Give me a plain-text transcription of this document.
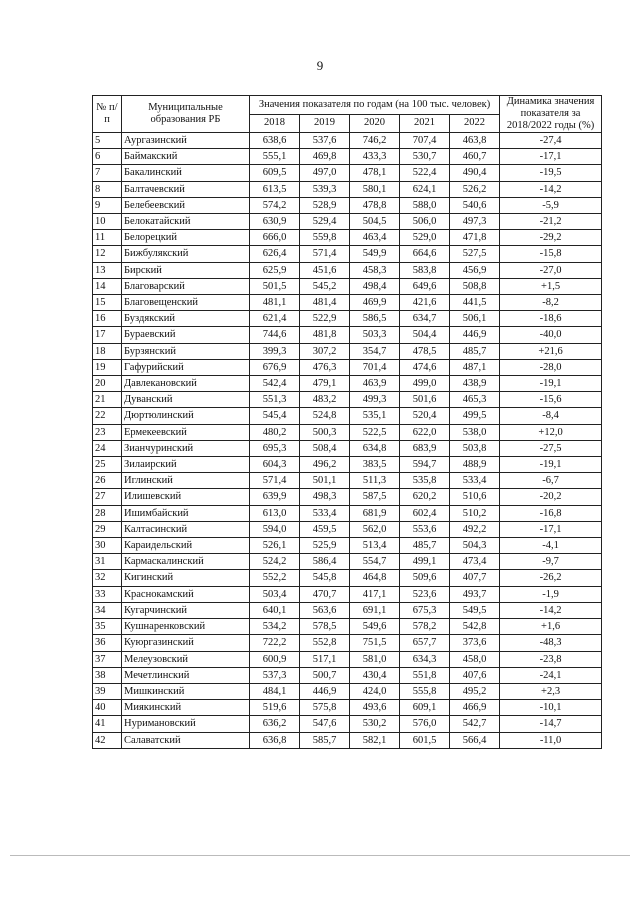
9
№ п/п	Муниципальные образования РБ	Значения показателя по годам (на 100 тыс. человек)					Динамика значения показателя за 2018/2022 годы (%)
		2018	2019	2020	2021	2022	
5	Аургазинский	638,6	537,6	746,2	707,4	463,8	-27,4
6	Баймакский	555,1	469,8	433,3	530,7	460,7	-17,1
7	Бакалинский	609,5	497,0	478,1	522,4	490,4	-19,5
8	Балтачевский	613,5	539,3	580,1	624,1	526,2	-14,2
9	Белебеевский	574,2	528,9	478,8	588,0	540,6	-5,9
10	Белокатайский	630,9	529,4	504,5	506,0	497,3	-21,2
11	Белорецкий	666,0	559,8	463,4	529,0	471,8	-29,2
12	Бижбулякский	626,4	571,4	549,9	664,6	527,5	-15,8
13	Бирский	625,9	451,6	458,3	583,8	456,9	-27,0
14	Благоварский	501,5	545,2	498,4	649,6	508,8	+1,5
15	Благовещенский	481,1	481,4	469,9	421,6	441,5	-8,2
16	Буздякский	621,4	522,9	586,5	634,7	506,1	-18,6
17	Бураевский	744,6	481,8	503,3	504,4	446,9	-40,0
18	Бурзянский	399,3	307,2	354,7	478,5	485,7	+21,6
19	Гафурийский	676,9	476,3	701,4	474,6	487,1	-28,0
20	Давлекановский	542,4	479,1	463,9	499,0	438,9	-19,1
21	Дуванский	551,3	483,2	499,3	501,6	465,3	-15,6
22	Дюртюлинский	545,4	524,8	535,1	520,4	499,5	-8,4
23	Ермекеевский	480,2	500,3	522,5	622,0	538,0	+12,0
24	Зианчуринский	695,3	508,4	634,8	683,9	503,8	-27,5
25	Зилаирский	604,3	496,2	383,5	594,7	488,9	-19,1
26	Иглинский	571,4	501,1	511,3	535,8	533,4	-6,7
27	Илишевский	639,9	498,3	587,5	620,2	510,6	-20,2
28	Ишимбайский	613,0	533,4	681,9	602,4	510,2	-16,8
29	Калтасинский	594,0	459,5	562,0	553,6	492,2	-17,1
30	Караидельский	526,1	525,9	513,4	485,7	504,3	-4,1
31	Кармаскалинский	524,2	586,4	554,7	499,1	473,4	-9,7
32	Кигинский	552,2	545,8	464,8	509,6	407,7	-26,2
33	Краснокамский	503,4	470,7	417,1	523,6	493,7	-1,9
34	Кугарчинский	640,1	563,6	691,1	675,3	549,5	-14,2
35	Кушнаренковский	534,2	578,5	549,6	578,2	542,8	+1,6
36	Куюргазинский	722,2	552,8	751,5	657,7	373,6	-48,3
37	Мелеузовский	600,9	517,1	581,0	634,3	458,0	-23,8
38	Мечетлинский	537,3	500,7	430,4	551,8	407,6	-24,1
39	Мишкинский	484,1	446,9	424,0	555,8	495,2	+2,3
40	Миякинский	519,6	575,8	493,6	609,1	466,9	-10,1
41	Нуримановский	636,2	547,6	530,2	576,0	542,7	-14,7
42	Салаватский	636,8	585,7	582,1	601,5	566,4	-11,0
